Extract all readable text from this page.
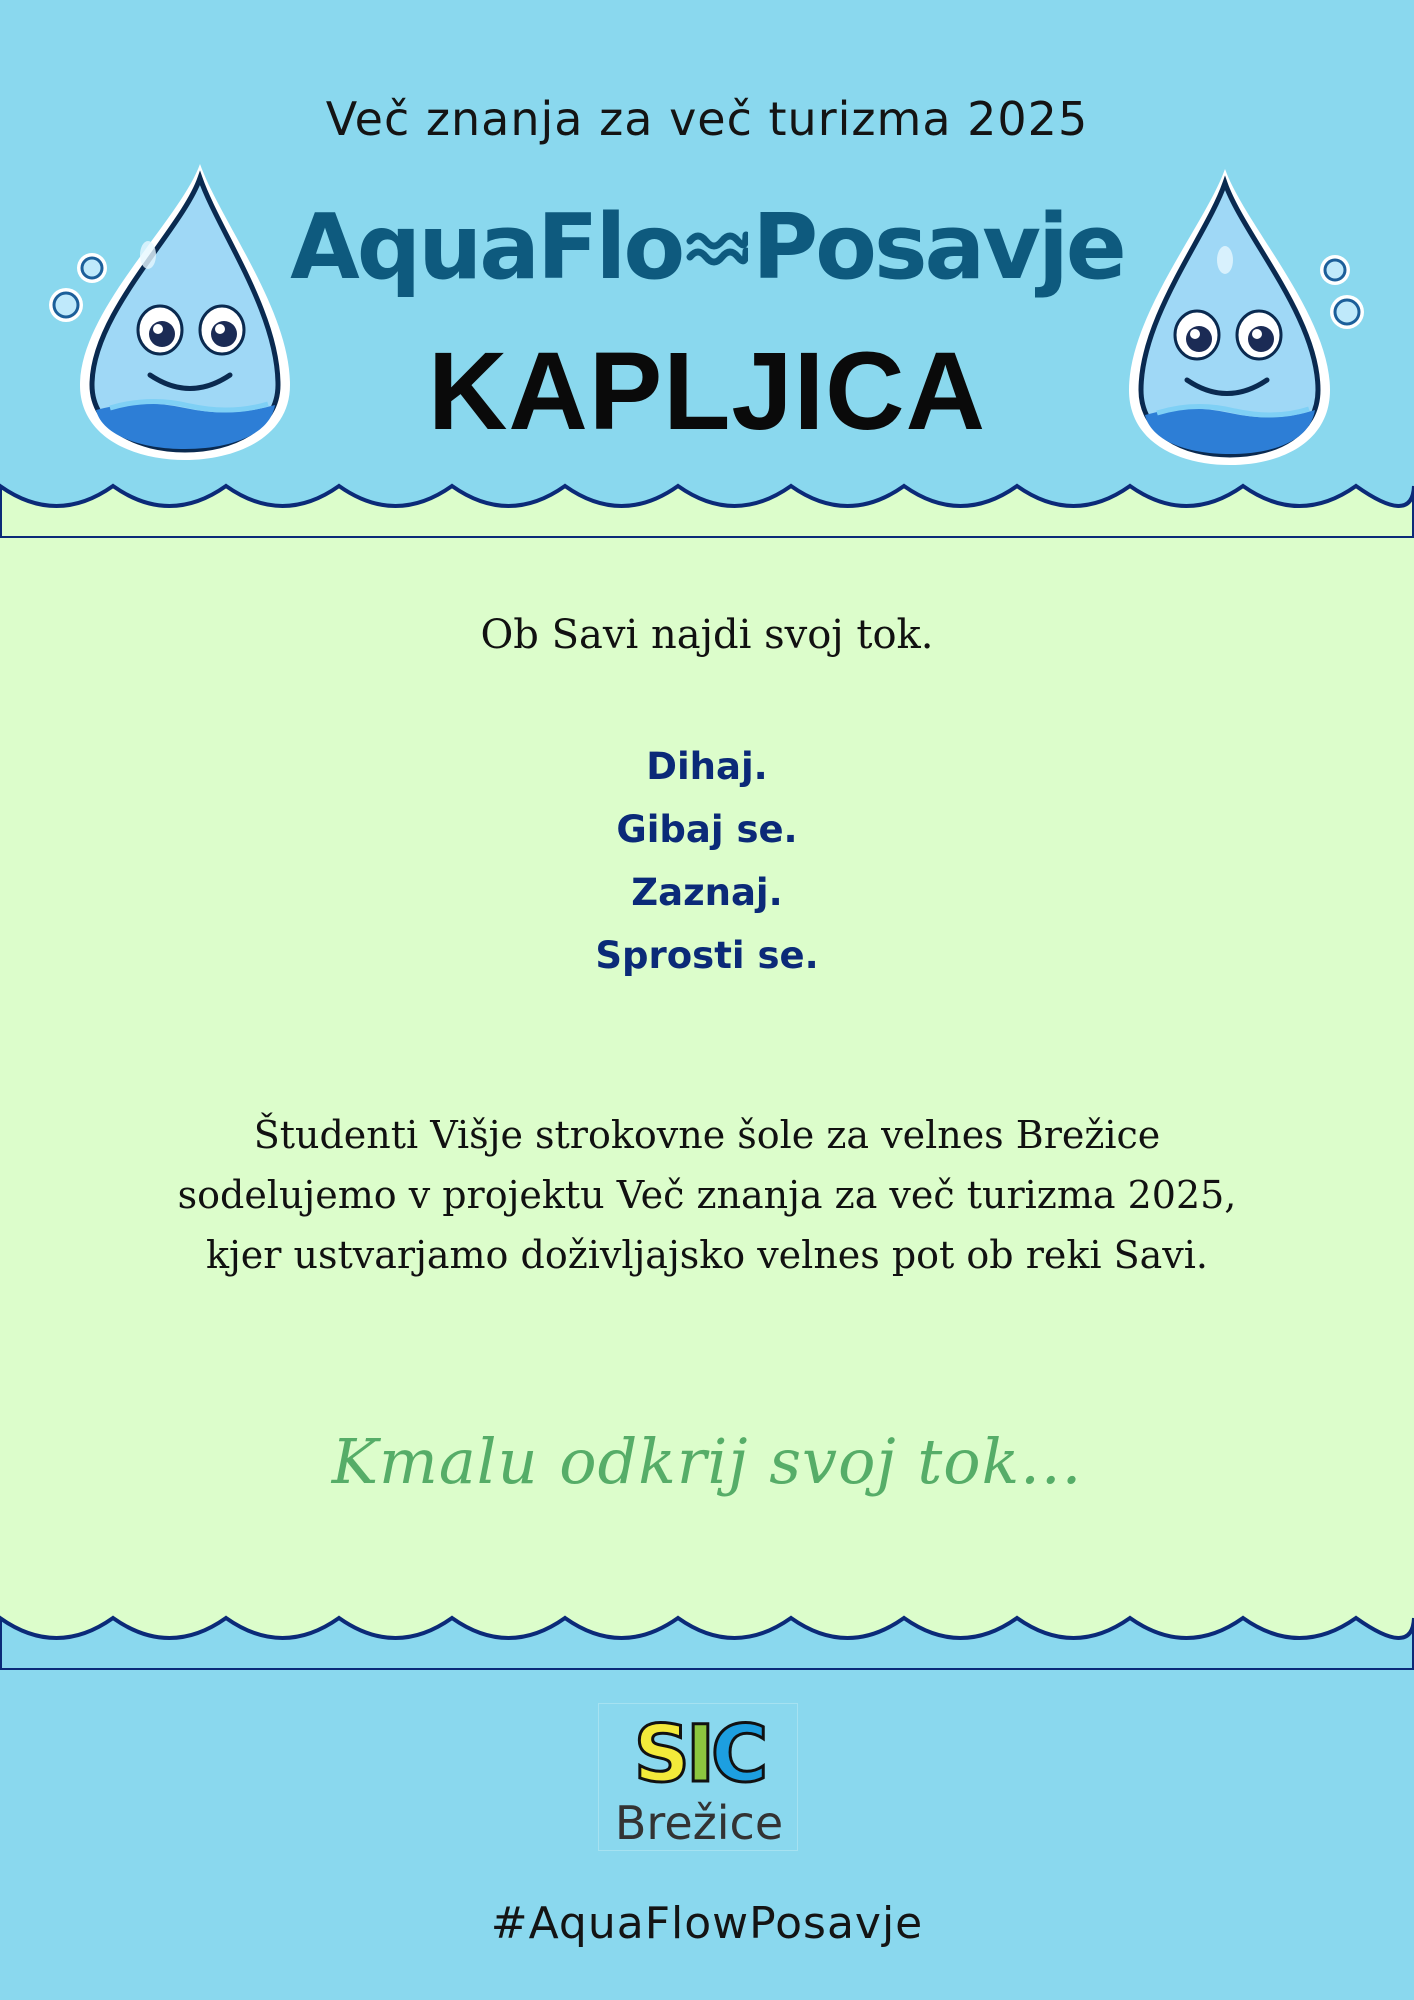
Več znanja za več turizma 2025
AquaFlo Posavje
KAPLJICA
Ob Savi najdi svoj tok.
Dihaj.
Gibaj se.
Zaznaj.
Sprosti se.
Študenti Višje strokovne šole za velnes Brežice
sodelujemo v projektu Več znanja za več turizma 2025,
kjer ustvarjamo doživljajsko velnes pot ob reki Savi.
Kmalu odkrij svoj tok...
SIC
Brežice
#AquaFlowPosavje
